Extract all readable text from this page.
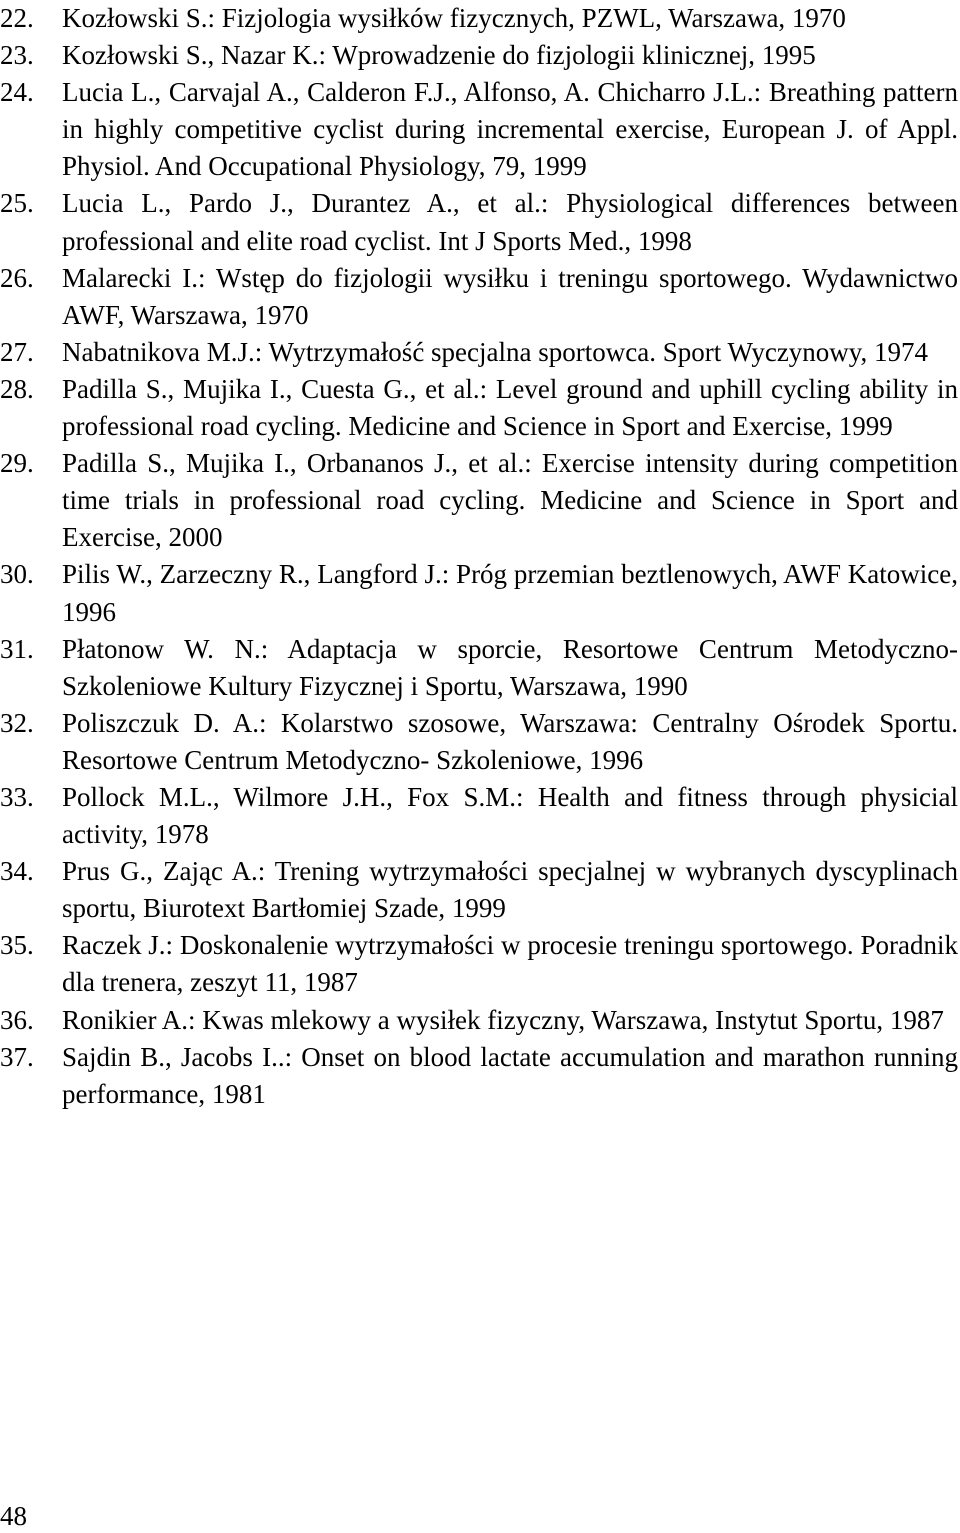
22.	Kozłowski S.: Fizjologia wysiłków fizycznych, PZWL, Warszawa, 1970
23.	Kozłowski S., Nazar K.: Wprowadzenie do fizjologii klinicznej, 1995
24.	Lucia L., Carvajal A., Calderon F.J., Alfonso, A. Chicharro J.L.: Breathing pattern in highly competitive cyclist during incremental exercise, European J. of Appl. Physiol. And Occupational Physiology, 79, 1999
25.	Lucia L., Pardo J., Durantez A., et al.: Physiological differences between professional and elite road cyclist. Int J Sports Med., 1998
26.	Malarecki I.: Wstęp do fizjologii wysiłku i treningu sportowego. Wydawnictwo AWF, Warszawa, 1970
27.	Nabatnikova M.J.: Wytrzymałość specjalna sportowca. Sport Wyczynowy, 1974
28.	Padilla S., Mujika I., Cuesta G., et al.: Level ground and uphill cycling ability in professional road cycling. Medicine and Science in Sport and Exercise, 1999
29.	Padilla S., Mujika I., Orbananos J., et al.: Exercise intensity during competition time trials in professional road cycling. Medicine and Science in Sport and Exercise, 2000
30.	Pilis W., Zarzeczny R., Langford J.: Próg przemian beztlenowych, AWF Katowice, 1996
31.	Płatonow W. N.: Adaptacja w sporcie, Resortowe Centrum Metodyczno-Szkoleniowe Kultury Fizycznej i Sportu, Warszawa, 1990
32.	Poliszczuk D. A.: Kolarstwo szosowe, Warszawa: Centralny Ośrodek Sportu. Resortowe Centrum Metodyczno- Szkoleniowe, 1996
33.	Pollock M.L., Wilmore J.H., Fox S.M.: Health and fitness through physicial activity, 1978
34.	Prus G., Zając A.: Trening wytrzymałości specjalnej w wybranych dyscyplinach sportu, Biurotext Bartłomiej Szade, 1999
35.	Raczek J.: Doskonalenie wytrzymałości w procesie treningu sportowego. Poradnik dla trenera, zeszyt 11, 1987
36.	Ronikier A.: Kwas mlekowy a wysiłek fizyczny, Warszawa, Instytut Sportu, 1987
37.	Sajdin B., Jacobs I..: Onset on blood lactate accumulation and marathon running performance, 1981
48
